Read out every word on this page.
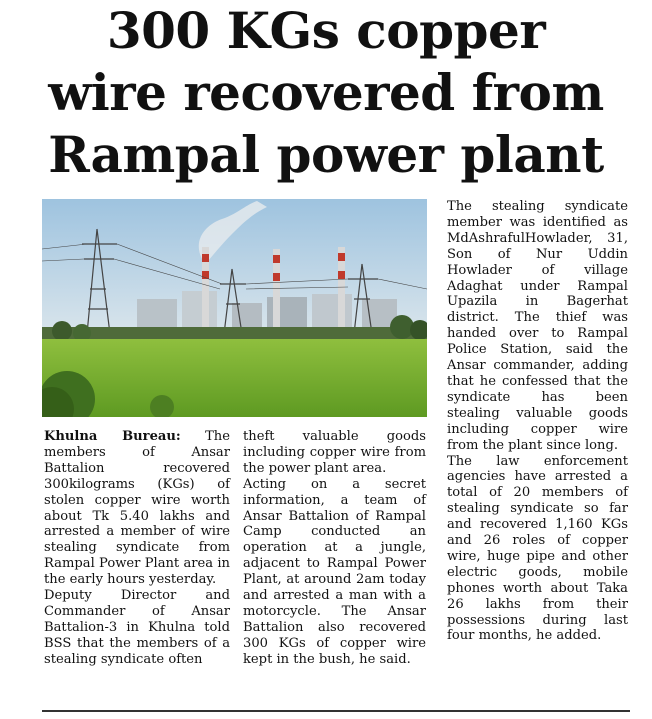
300 KGs copper
wire recovered from
Rampal power plant

Khulna Bureau: The members of Ansar Battalion recovered 300kilograms (KGs) of stolen copper wire worth about Tk 5.40 lakhs and arrested a member of wire stealing syndicate from Rampal Power Plant area in the early hours yesterday.

Deputy Director and Commander of Ansar Battalion-3 in Khulna told BSS that the members of a stealing syndicate often

theft valuable goods including copper wire from the power plant area.

Acting on a secret information, a team of Ansar Battalion of Rampal Camp conducted an operation at a jungle, adjacent to Rampal Power Plant, at around 2am today and arrested a man with a motorcycle. The Ansar Battalion also recovered 300 KGs of copper wire kept in the bush, he said.

The stealing syndicate member was identified as MdAshrafulHowlader, 31, Son of Nur Uddin Howlader of village Adaghat under Rampal Upazila in Bagerhat district. The thief was handed over to Rampal Police Station, said the Ansar commander, adding that he confessed that the syndicate has been stealing valuable goods including copper wire from the plant since long.

The law enforcement agencies have arrested a total of 20 members of stealing syndicate so far and recovered 1,160 KGs and 26 roles of copper wire, huge pipe and other electric goods, mobile phones worth about Taka 26 lakhs from their possessions during last four months, he added.
